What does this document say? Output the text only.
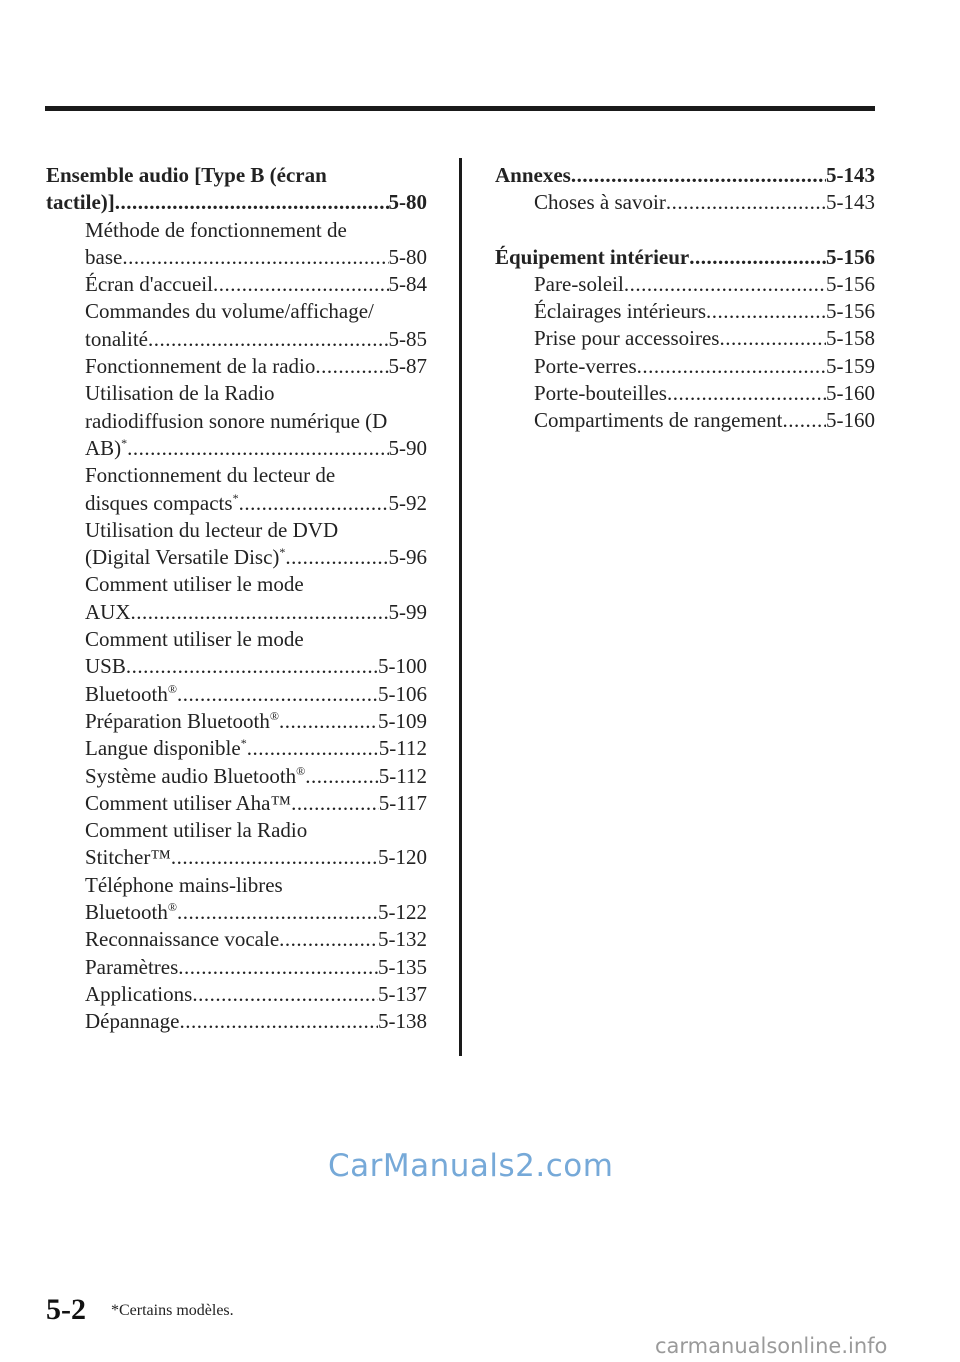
Ensemble audio [Type B (écran
tactile)] .....	5-80
Méthode de fonctionnement de
base .....	5-80
Écran d'accueil .....	5-84
Commandes du volume/affichage/
tonalité .....	5-85
Fonctionnement de la radio .....	5-87
Utilisation de la Radio
radiodiffusion sonore numérique (D
AB)* .....	5-90
Fonctionnement du lecteur de
disques compacts* .....	5-92
Utilisation du lecteur de DVD
(Digital Versatile Disc)* .....	5-96
Comment utiliser le mode
AUX .....	5-99
Comment utiliser le mode
USB .....	5-100
Bluetooth® .....	5-106
Préparation Bluetooth® .....	5-109
Langue disponible* .....	5-112
Système audio Bluetooth® .....	5-112
Comment utiliser Aha™ .....	5-117
Comment utiliser la Radio
Stitcher™ .....	5-120
Téléphone mains-libres
Bluetooth® .....	5-122
Reconnaissance vocale .....	5-132
Paramètres .....	5-135
Applications .....	5-137
Dépannage .....	5-138
Annexes .....	5-143
Choses à savoir .....	5-143
Équipement intérieur .....	5-156
Pare-soleil .....	5-156
Éclairages intérieurs .....	5-156
Prise pour accessoires .....	5-158
Porte-verres .....	5-159
Porte-bouteilles .....	5-160
Compartiments de rangement ..... 5-160
CarManuals2.com
5-2 *Certains modèles.
carmanualsonline.info
